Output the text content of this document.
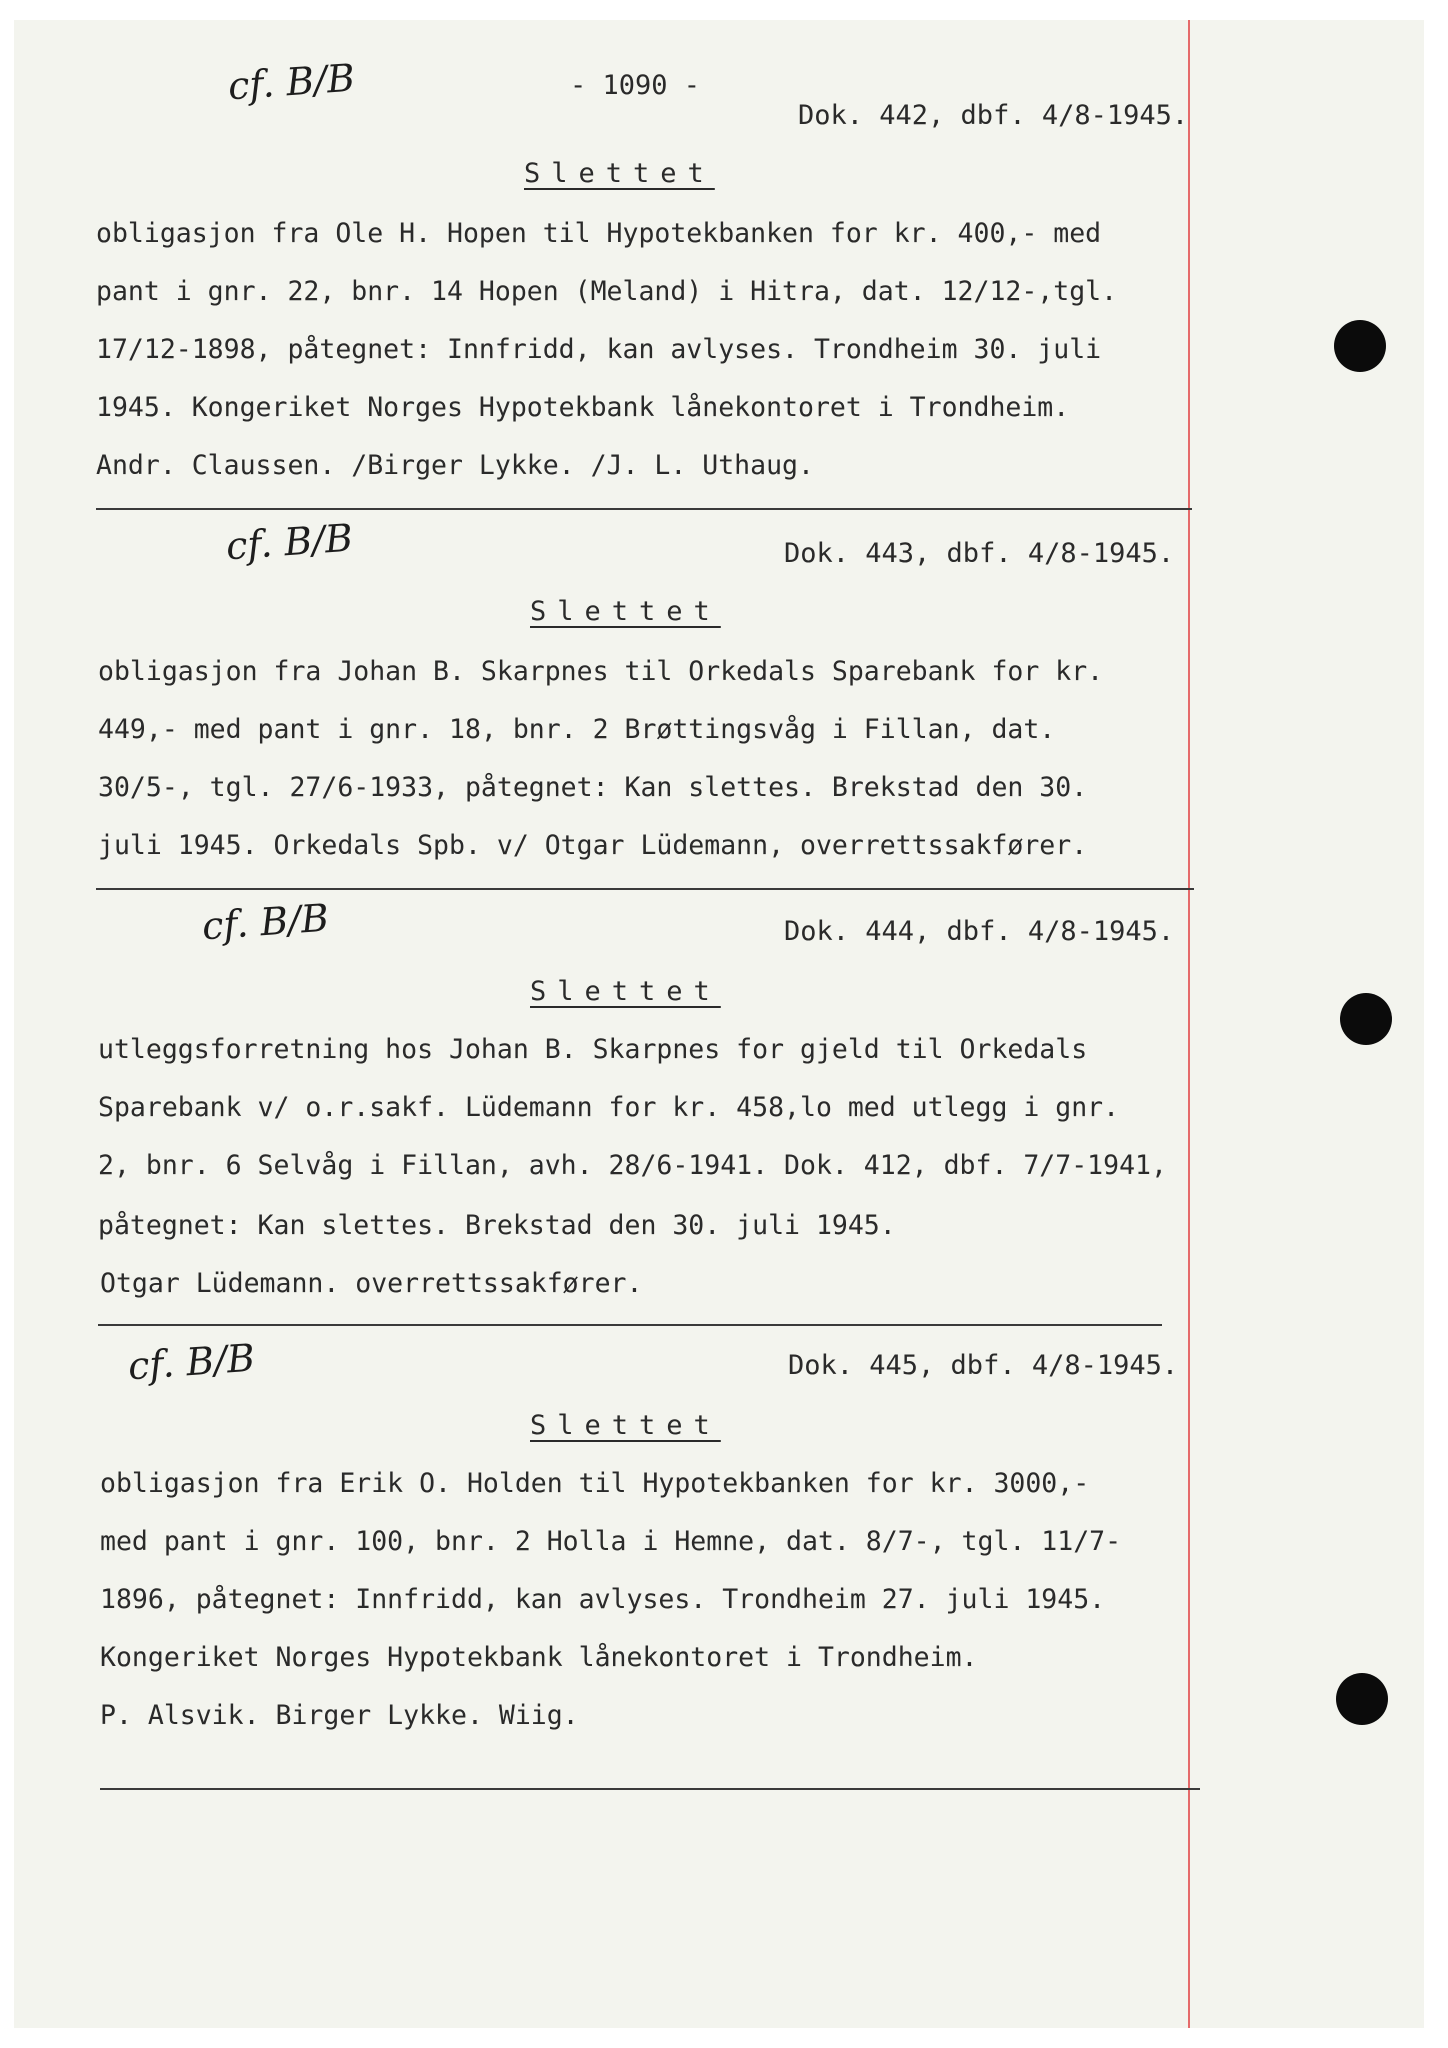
- 1090 -
cf. B/B
Dok. 442, dbf. 4/8-1945.
Slettet
obligasjon fra Ole H. Hopen til Hypotekbanken for kr. 400,- med
pant i gnr. 22, bnr. 14 Hopen (Meland) i Hitra, dat. 12/12-,tgl.
17/12-1898, påtegnet: Innfridd, kan avlyses. Trondheim 30. juli
1945. Kongeriket Norges Hypotekbank lånekontoret i Trondheim.
Andr. Claussen. /Birger Lykke. /J. L. Uthaug.
cf. B/B	Dok. 443, dbf. 4/8-1945.
Slettet
obligasjon fra Johan B. Skarpnes til Orkedals Sparebank for kr.
449,- med pant i gnr. 18, bnr. 2 Brøttingsvåg i Fillan, dat.
30/5-, tgl. 27/6-1933, påtegnet: Kan slettes. Brekstad den 30.
juli 1945. Orkedals Spb. v/ Otgar Lüdemann, overrettssakfører.
cf. B/B	Dok. 444, dbf. 4/8-1945.
Slettet
utleggsforretning hos Johan B. Skarpnes for gjeld til Orkedals
Sparebank v/ o.r.sakf. Lüdemann for kr. 458,lo med utlegg i gnr.
2, bnr. 6 Selvåg i Fillan, avh. 28/6-1941. Dok. 412, dbf. 7/7-1941,
påtegnet: Kan slettes. Brekstad den 30. juli 1945.
Otgar Lüdemann. overrettssakfører.
cf. B/B	Dok. 445, dbf. 4/8-1945.
Slettet
obligasjon fra Erik O. Holden til Hypotekbanken for kr. 3000,-
med pant i gnr. 100, bnr. 2 Holla i Hemne, dat. 8/7-, tgl. 11/7-
1896, påtegnet: Innfridd, kan avlyses. Trondheim 27. juli 1945.
Kongeriket Norges Hypotekbank lånekontoret i Trondheim.
P. Alsvik. Birger Lykke. Wiig.
